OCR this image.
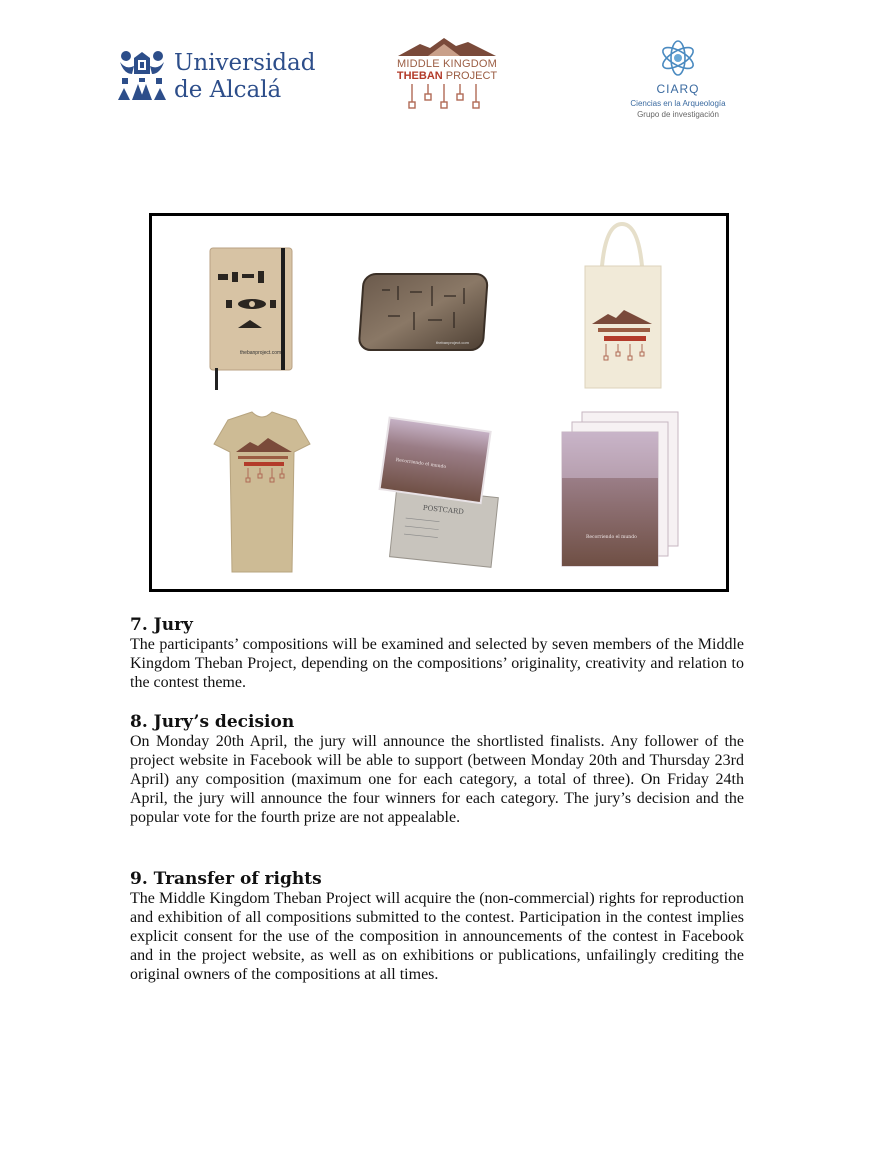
Universidad
de Alcalá
MIDDLE KINGDOM
THEBAN PROJECT
CIARQ
Ciencias en la Arqueología
Grupo de investigación
thebanproject.com
thebanproject.com
POSTCARD
Recorriendo el mundo
Recorriendo el mundo
7. Jury

The participants’ compositions will be examined and selected by seven members of the Middle Kingdom Theban Project, depending on the compositions’ originality, creativity and relation to the contest theme.

8. Jury’s decision

On Monday 20th April, the jury will announce the shortlisted finalists. Any follower of the project website in Facebook will be able to support (between Monday 20th and Thursday 23rd April) any composition (maximum one for each category, a total of three). On Friday 24th April, the jury will announce the four winners for each category. The jury’s decision and the popular vote for the fourth prize are not appealable.

9. Transfer of rights

The Middle Kingdom Theban Project will acquire the (non-commercial) rights for reproduction and exhibition of all compositions submitted to the contest. Participation in the contest implies explicit consent for the use of the composition in announcements of the contest in Facebook and in the project website, as well as on exhibitions or publications, unfailingly crediting the original owners of the compositions at all times.
